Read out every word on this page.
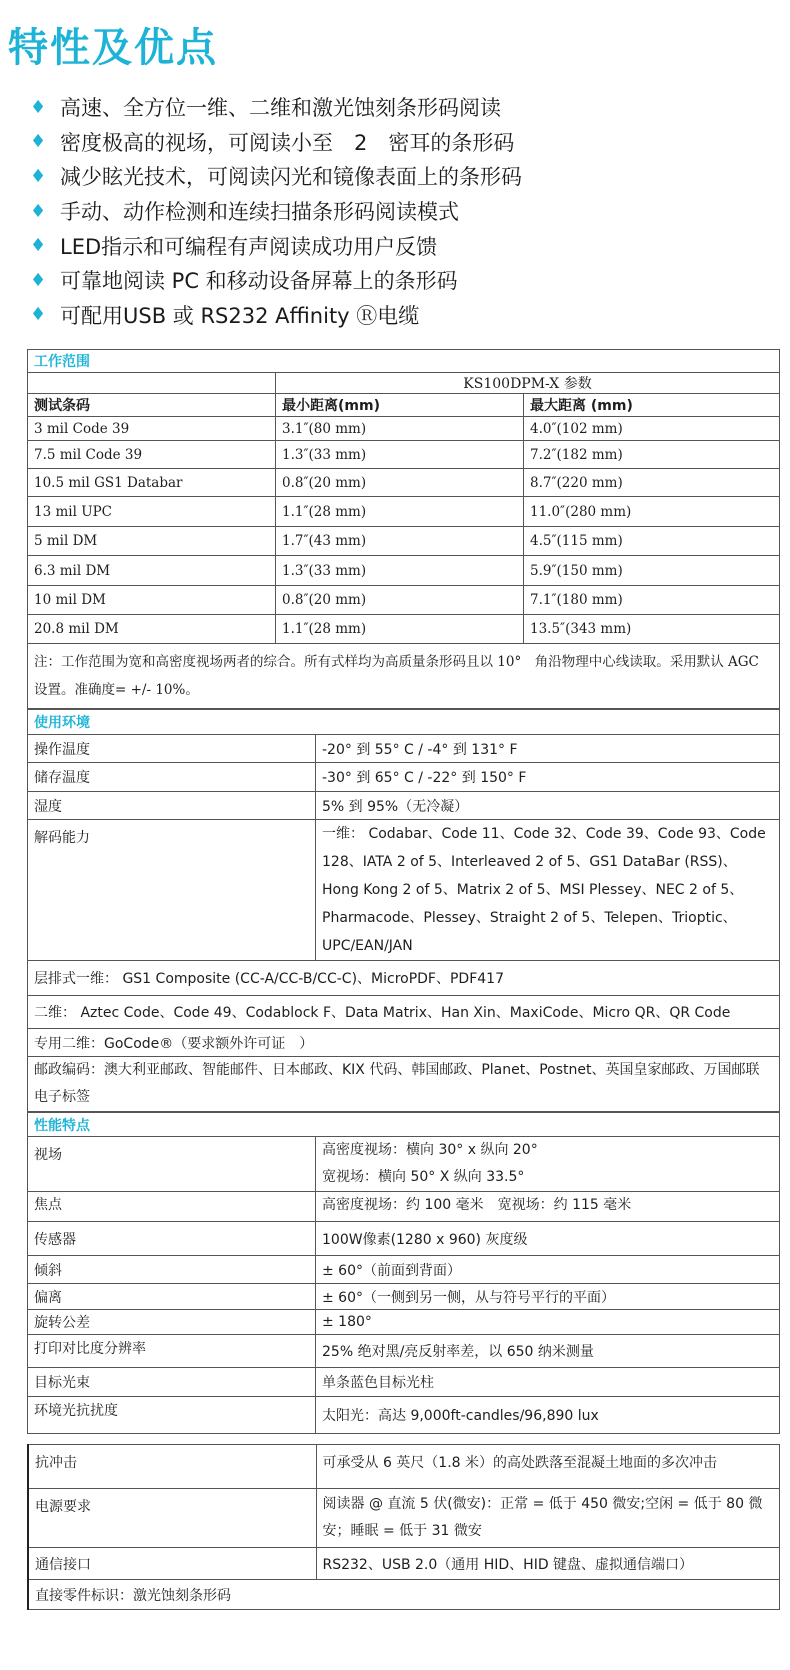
特性及优点
♦ 高速、全方位一维、二维和激光蚀刻条形码阅读
♦ 密度极高的视场，可阅读小至　2　密耳的条形码
♦ 减少眩光技术，可阅读闪光和镜像表面上的条形码
♦ 手动、动作检测和连续扫描条形码阅读模式
♦ LED指示和可编程有声阅读成功用户反馈
♦ 可靠地阅读 PC 和移动设备屏幕上的条形码
♦ 可配用USB 或 RS232 Affinity Ⓡ电缆
工作范围		
	KS100DPM-X 参数	
测试条码	最小距离(mm)	最大距离 (mm)
3 mil Code 39	3.1″(80 mm)	4.0″(102 mm)
7.5 mil Code 39	1.3″(33 mm)	7.2″(182 mm)
10.5 mil GS1 Databar	0.8″(20 mm)	8.7″(220 mm)
13 mil UPC	1.1″(28 mm)	11.0″(280 mm)
5 mil DM	1.7″(43 mm)	4.5″(115 mm)
6.3 mil DM	1.3″(33 mm)	5.9″(150 mm)
10 mil DM	0.8″(20 mm)	7.1″(180 mm)
20.8 mil DM	1.1″(28 mm)	13.5″(343 mm)
注：工作范围为宽和高密度视场两者的综合。所有式样均为高质量条形码且以 10°　角沿物理中心线读取。采用默认 AGC 设置。准确度= +/- 10%。		
使用环境	
操作温度	-20° 到 55° C / -4° 到 131° F
储存温度	-30° 到 65° C / -22° 到 150° F
湿度	5% 到 95%（无冷凝）
解码能力	一维： Codabar、Code 11、Code 32、Code 39、Code 93、Code 128、IATA 2 of 5、Interleaved 2 of 5、GS1 DataBar (RSS)、Hong Kong 2 of 5、Matrix 2 of 5、MSI Plessey、NEC 2 of 5、Pharmacode、Plessey、Straight 2 of 5、Telepen、Trioptic、UPC/EAN/JAN
层排式一维： GS1 Composite (CC-A/CC-B/CC-C)、MicroPDF、PDF417	
二维： Aztec Code、Code 49、Codablock F、Data Matrix、Han Xin、MaxiCode、Micro QR、QR Code	
专用二维：GoCode®（要求额外许可证　）	
邮政编码：澳大利亚邮政、智能邮件、日本邮政、KIX 代码、韩国邮政、Planet、Postnet、英国皇家邮政、万国邮联电子标签	
性能特点	
视场	高密度视场：横向 30° x 纵向 20°
宽视场：横向 50° X 纵向 33.5°

焦点	高密度视场：约 100 毫米　宽视场：约 115 毫米
传感器	100W像素(1280 x 960) 灰度级
倾斜	± 60°（前面到背面）
偏离	± 60°（一侧到另一侧，从与符号平行的平面）
旋转公差	± 180°
打印对比度分辨率	25% 绝对黑/亮反射率差，以 650 纳米测量
目标光束	单条蓝色目标光柱
环境光抗扰度	太阳光：高达 9,000ft-candles/96,890 lux
抗冲击	可承受从 6 英尺（1.8 米）的高处跌落至混凝土地面的多次冲击
电源要求	阅读器 @ 直流 5 伏(微安)：正常 = 低于 450 微安;空闲 = 低于 80 微安；睡眠 = 低于 31 微安
通信接口	RS232、USB 2.0（通用 HID、HID 键盘、虚拟通信端口）
直接零件标识：激光蚀刻条形码	
